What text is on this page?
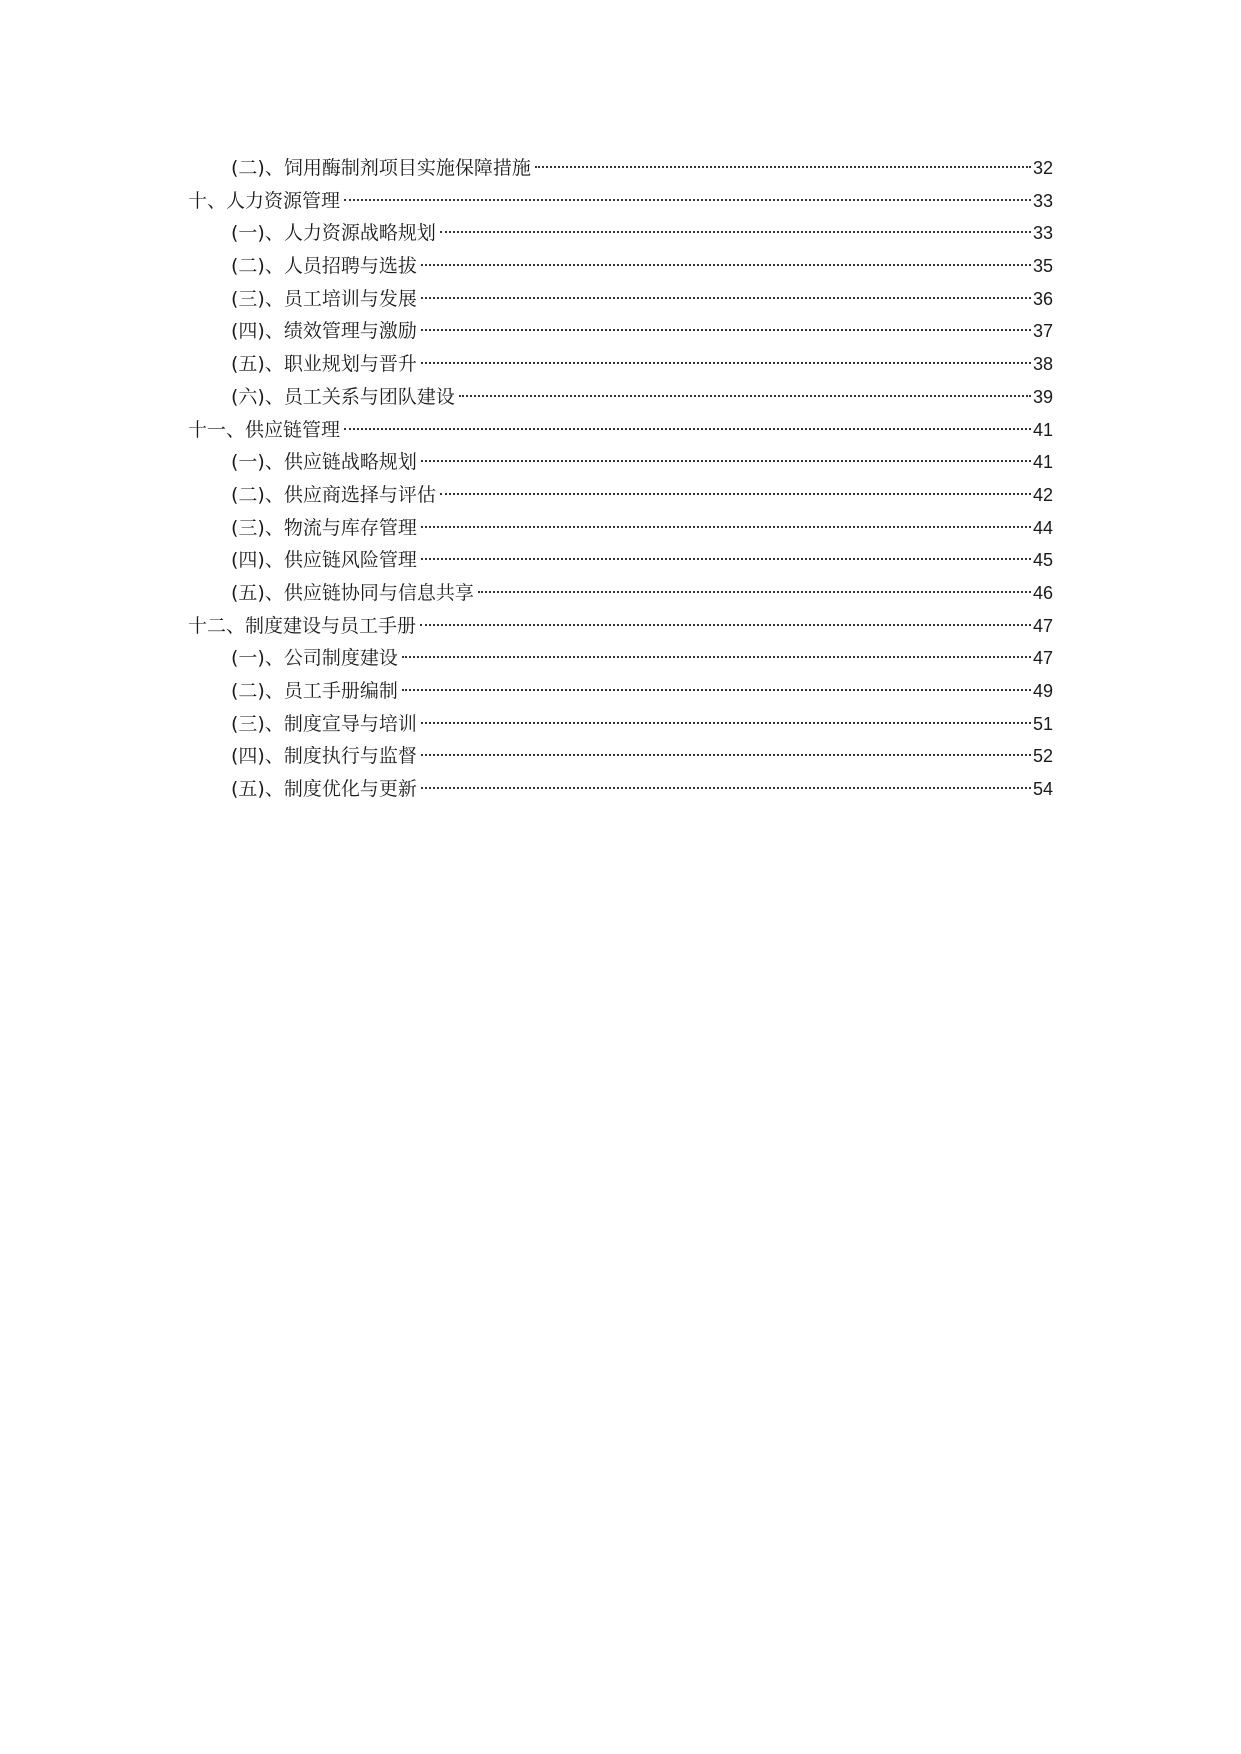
(二)、饲用酶制剂项目实施保障措施	32
十、人力资源管理	33
(一)、人力资源战略规划	33
(二)、人员招聘与选拔	35
(三)、员工培训与发展	36
(四)、绩效管理与激励	37
(五)、职业规划与晋升	38
(六)、员工关系与团队建设	39
十一、供应链管理	41
(一)、供应链战略规划	41
(二)、供应商选择与评估	42
(三)、物流与库存管理	44
(四)、供应链风险管理	45
(五)、供应链协同与信息共享	46
十二、制度建设与员工手册	47
(一)、公司制度建设	47
(二)、员工手册编制	49
(三)、制度宣导与培训	51
(四)、制度执行与监督	52
(五)、制度优化与更新	54
